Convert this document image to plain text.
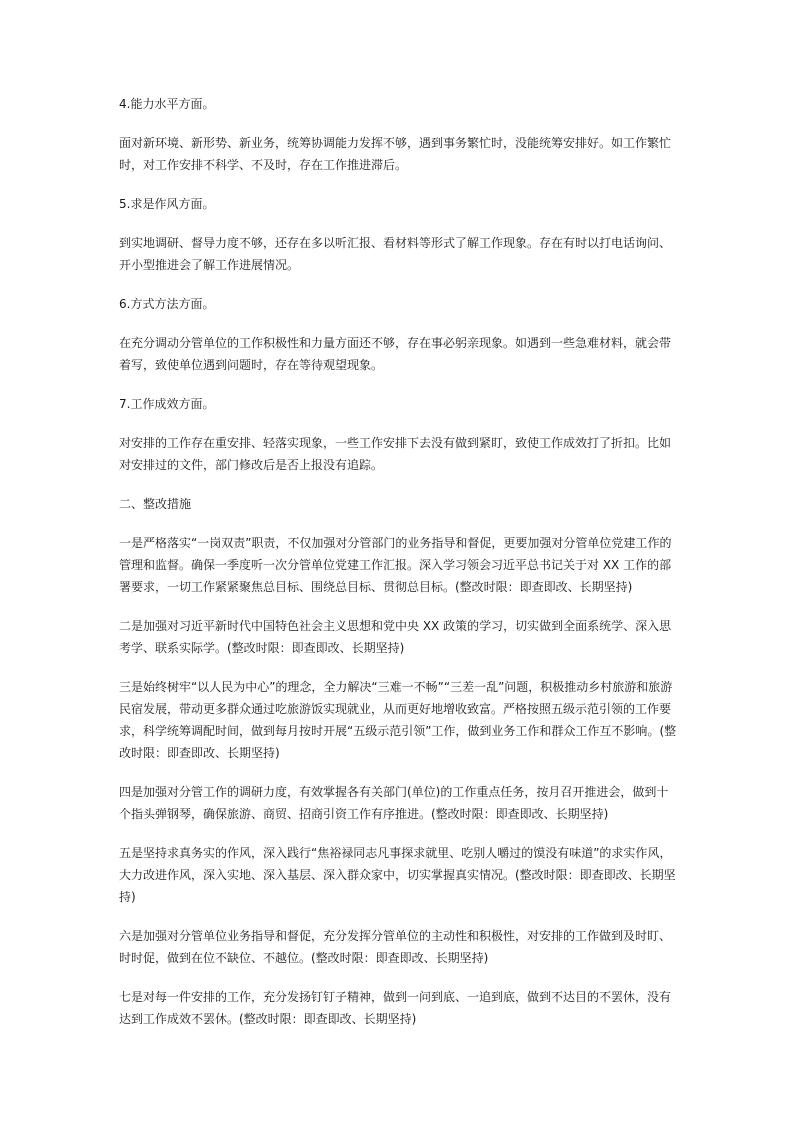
4.能力水平方面。

面对新环境、新形势、新业务，统筹协调能力发挥不够，遇到事务繁忙时，没能统筹安排好。如工作繁忙时，对工作安排不科学、不及时，存在工作推进滞后。

5.求是作风方面。

到实地调研、督导力度不够，还存在多以听汇报、看材料等形式了解工作现象。存在有时以打电话询问、开小型推进会了解工作进展情况。

6.方式方法方面。

在充分调动分管单位的工作积极性和力量方面还不够，存在事必躬亲现象。如遇到一些急难材料，就会带着写，致使单位遇到问题时，存在等待观望现象。

7.工作成效方面。

对安排的工作存在重安排、轻落实现象，一些工作安排下去没有做到紧盯，致使工作成效打了折扣。比如对安排过的文件，部门修改后是否上报没有追踪。

二、整改措施

一是严格落实“一岗双责”职责，不仅加强对分管部门的业务指导和督促，更要加强对分管单位党建工作的管理和监督。确保一季度听一次分管单位党建工作汇报。深入学习领会习近平总书记关于对 XX 工作的部署要求，一切工作紧紧聚焦总目标、围绕总目标、贯彻总目标。(整改时限：即查即改、长期坚持)

二是加强对习近平新时代中国特色社会主义思想和党中央 XX 政策的学习，切实做到全面系统学、深入思考学、联系实际学。(整改时限：即查即改、长期坚持)

三是始终树牢“以人民为中心”的理念，全力解决“三难一不畅”“三差一乱”问题，积极推动乡村旅游和旅游民宿发展，带动更多群众通过吃旅游饭实现就业，从而更好地增收致富。严格按照五级示范引领的工作要求，科学统筹调配时间，做到每月按时开展“五级示范引领”工作，做到业务工作和群众工作互不影响。(整改时限：即查即改、长期坚持)

四是加强对分管工作的调研力度，有效掌握各有关部门(单位)的工作重点任务，按月召开推进会，做到十个指头弹钢琴，确保旅游、商贸、招商引资工作有序推进。(整改时限：即查即改、长期坚持)

五是坚持求真务实的作风，深入践行“焦裕禄同志凡事探求就里、吃别人嚼过的馍没有味道”的求实作风，大力改进作风，深入实地、深入基层、深入群众家中，切实掌握真实情况。(整改时限：即查即改、长期坚持)

六是加强对分管单位业务指导和督促，充分发挥分管单位的主动性和积极性，对安排的工作做到及时盯、时时促，做到在位不缺位、不越位。(整改时限：即查即改、长期坚持)

七是对每一件安排的工作，充分发扬钉钉子精神，做到一问到底、一追到底，做到不达目的不罢休，没有达到工作成效不罢休。(整改时限：即查即改、长期坚持)
